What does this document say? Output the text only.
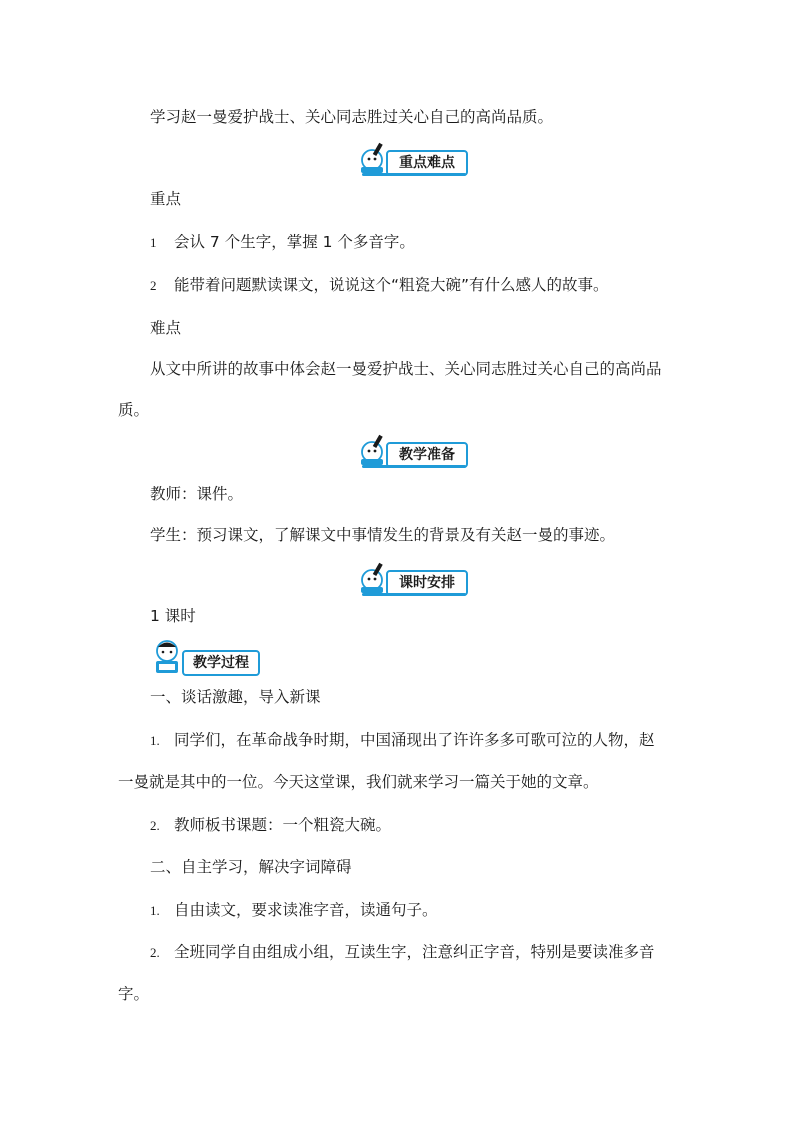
学习赵一曼爱护战士、关心同志胜过关心自己的高尚品质。
重点难点
重点
1 会认 7 个生字，掌握 1 个多音字。
2 能带着问题默读课文，说说这个“粗瓷大碗”有什么感人的故事。
难点
从文中所讲的故事中体会赵一曼爱护战士、关心同志胜过关心自己的高尚品
质。
教学准备
教师：课件。
学生：预习课文，了解课文中事情发生的背景及有关赵一曼的事迹。
课时安排
1 课时
教学过程
一、谈话激趣，导入新课
1. 同学们，在革命战争时期，中国涌现出了许许多多可歌可泣的人物，赵
一曼就是其中的一位。今天这堂课，我们就来学习一篇关于她的文章。
2. 教师板书课题：一个粗瓷大碗。
二、自主学习，解决字词障碍
1. 自由读文，要求读准字音，读通句子。
2. 全班同学自由组成小组，互读生字，注意纠正字音，特别是要读准多音
字。
